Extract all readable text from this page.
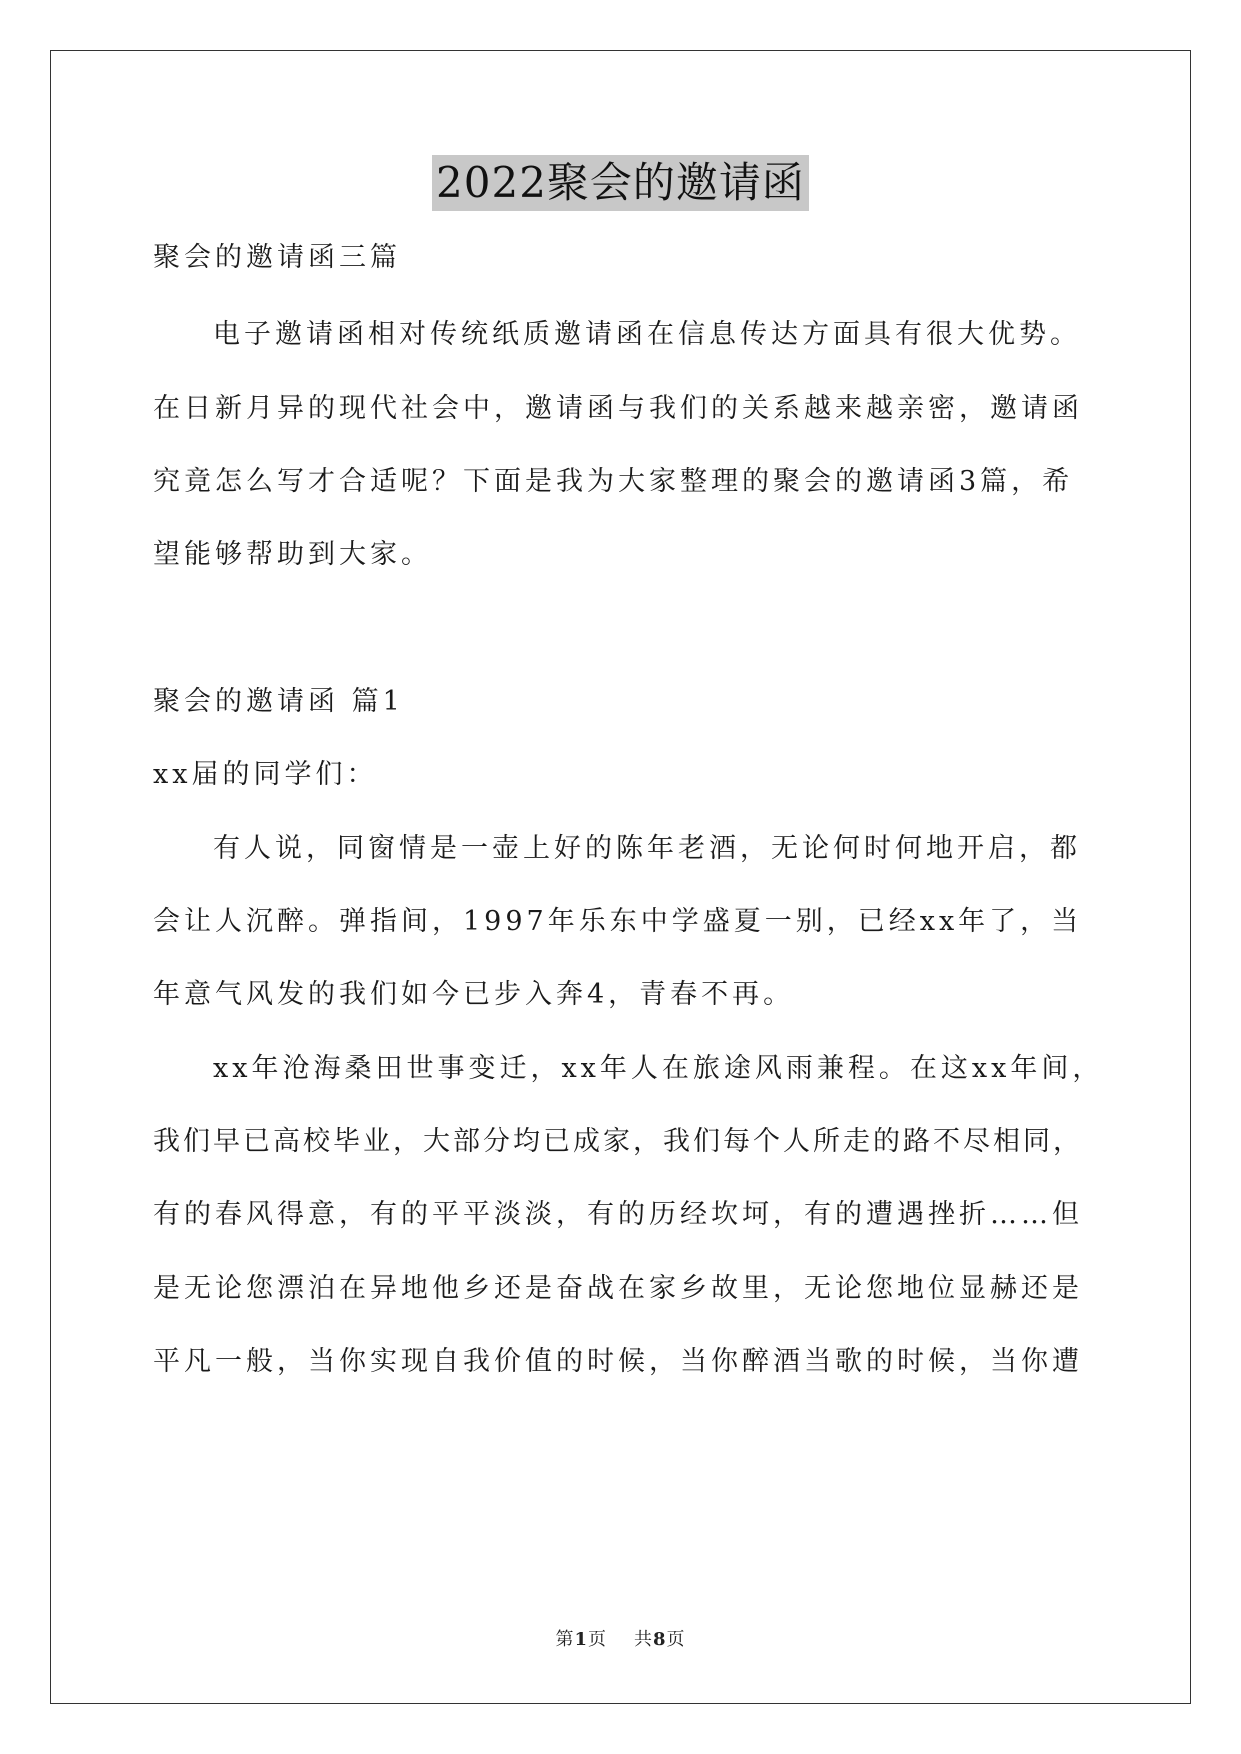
2022聚会的邀请函
聚会的邀请函三篇
电子邀请函相对传统纸质邀请函在信息传达方面具有很大优势。
在日新月异的现代社会中，邀请函与我们的关系越来越亲密，邀请函
究竟怎么写才合适呢？下面是我为大家整理的聚会的邀请函3篇，希
望能够帮助到大家。
聚会的邀请函 篇1
xx届的同学们：
有人说，同窗情是一壶上好的陈年老酒，无论何时何地开启，都
会让人沉醉。弹指间，1997年乐东中学盛夏一别，已经xx年了，当
年意气风发的我们如今已步入奔4，青春不再。
xx年沧海桑田世事变迁，xx年人在旅途风雨兼程。在这xx年间，
我们早已高校毕业，大部分均已成家，我们每个人所走的路不尽相同，
有的春风得意，有的平平淡淡，有的历经坎坷，有的遭遇挫折……但
是无论您漂泊在异地他乡还是奋战在家乡故里，无论您地位显赫还是
平凡一般，当你实现自我价值的时候，当你醉酒当歌的时候，当你遭
第1页 共8页
